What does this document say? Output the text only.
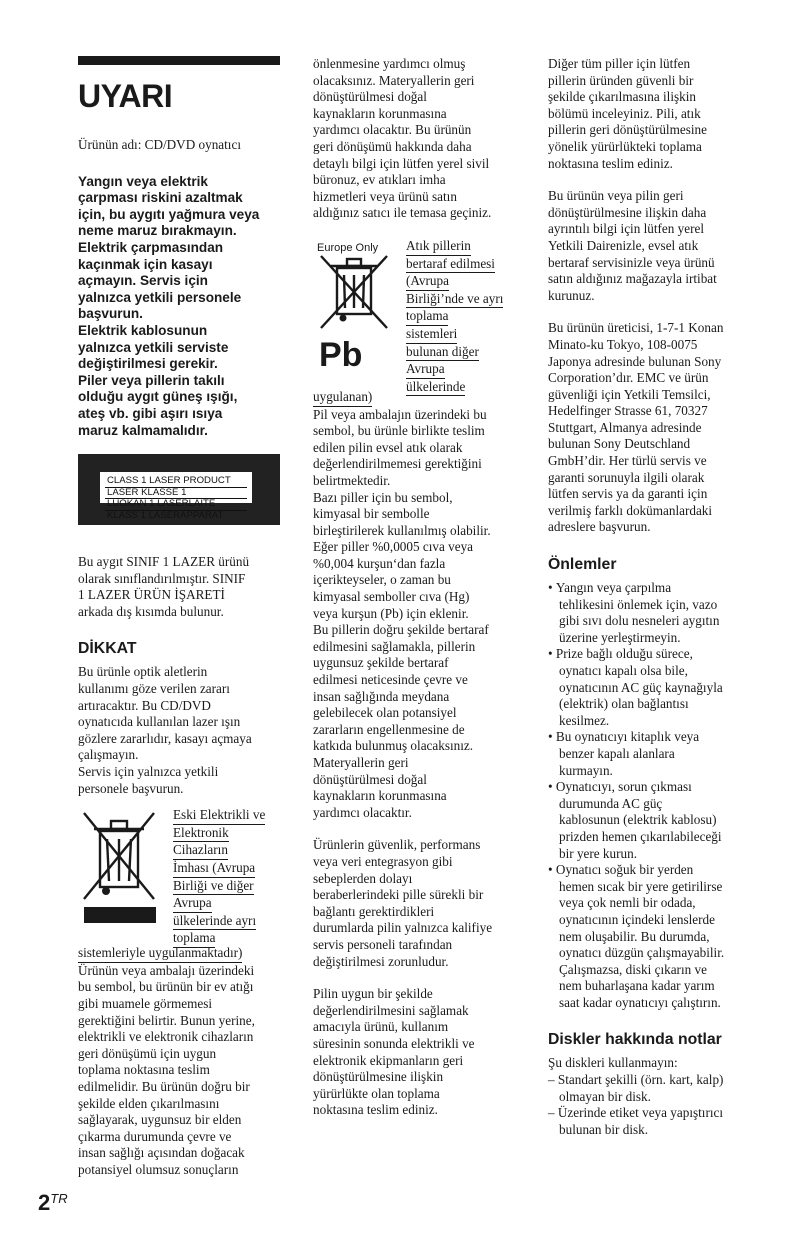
UYARI

Ürünün adı: CD/DVD oynatıcı

Yangın veya elektrik
çarpması riskini azaltmak
için, bu aygıtı yağmura veya
neme maruz bırakmayın.
Elektrik çarpmasından
kaçınmak için kasayı
açmayın. Servis için
yalnızca yetkili personele
başvurun.
Elektrik kablosunun
yalnızca yetkili serviste
değiştirilmesi gerekir.
Piler veya pillerin takılı
olduğu aygıt güneş ışığı,
ateş vb. gibi aşırı ısıya
maruz kalmamalıdır.
CLASS 1 LASER PRODUCT
LASER KLASSE 1
LUOKAN 1 LASERLAITE
KLASS 1 LASERAPPARAT
Bu aygıt SINIF 1 LAZER ürünü
olarak sınıflandırılmıştır. SINIF
1 LAZER ÜRÜN İŞARETİ
arkada dış kısımda bulunur.
DİKKAT
Bu ürünle optik aletlerin
kullanımı göze verilen zararı
artıracaktır. Bu CD/DVD
oynatıcıda kullanılan lazer ışın
gözlere zararlıdır, kasayı açmaya
çalışmayın.
Servis için yalnızca yetkili
personele başvurun.
Eski Elektrikli ve
Elektronik
Cihazların
İmhası (Avrupa
Birliği ve diğer
Avrupa
ülkelerinde ayrı
toplama
sistemleriyle uygulanmaktadır)
Ürünün veya ambalajı üzerindeki
bu sembol, bu ürünün bir ev atığı
gibi muamele görmemesi
gerektiğini belirtir. Bunun yerine,
elektrikli ve elektronik cihazların
geri dönüşümü için uygun
toplama noktasına teslim
edilmelidir. Bu ürünün doğru bir
şekilde elden çıkarılmasını
sağlayarak, uygunsuz bir elden
çıkarma durumunda çevre ve
insan sağlığı açısından doğacak
potansiyel olumsuz sonuçların
önlenmesine yardımcı olmuş
olacaksınız. Materyallerin geri
dönüştürülmesi doğal
kaynakların korunmasına
yardımcı olacaktır. Bu ürünün
geri dönüşümü hakkında daha
detaylı bilgi için lütfen yerel sivil
büronuz, ev atıkları imha
hizmetleri veya ürünü satın
aldığınız satıcı ile temasa geçiniz.
Europe Only
Pb
Atık pillerin
bertaraf edilmesi
(Avrupa
Birliği’nde ve ayrı
toplama
sistemleri
bulunan diğer
Avrupa
ülkelerinde
uygulanan)
Pil veya ambalajın üzerindeki bu
sembol, bu ürünle birlikte teslim
edilen pilin evsel atık olarak
değerlendirilmemesi gerektiğini
belirtmektedir.
Bazı piller için bu sembol,
kimyasal bir sembolle
birleştirilerek kullanılmış olabilir.
Eğer piller %0,0005 cıva veya
%0,004 kurşun‘dan fazla
içerikteyseler, o zaman bu
kimyasal semboller cıva (Hg)
veya kurşun (Pb) için eklenir.
Bu pillerin doğru şekilde bertaraf
edilmesini sağlamakla, pillerin
uygunsuz şekilde bertaraf
edilmesi neticesinde çevre ve
insan sağlığında meydana
gelebilecek olan potansiyel
zararların engellenmesine de
katkıda bulunmuş olacaksınız.
Materyallerin geri
dönüştürülmesi doğal
kaynakların korunmasına
yardımcı olacaktır.
Ürünlerin güvenlik, performans
veya veri entegrasyon gibi
sebeplerden dolayı
beraberlerindeki pille sürekli bir
bağlantı gerektirdikleri
durumlarda pilin yalnızca kalifiye
servis personeli tarafından
değiştirilmesi zorunludur.
Pilin uygun bir şekilde
değerlendirilmesini sağlamak
amacıyla ürünü, kullanım
süresinin sonunda elektrikli ve
elektronik ekipmanların geri
dönüştürülmesine ilişkin
yürürlükte olan toplama
noktasına teslim ediniz.
Diğer tüm piller için lütfen
pillerin üründen güvenli bir
şekilde çıkarılmasına ilişkin
bölümü inceleyiniz. Pili, atık
pillerin geri dönüştürülmesine
yönelik yürürlükteki toplama
noktasına teslim ediniz.
Bu ürünün veya pilin geri
dönüştürülmesine ilişkin daha
ayrıntılı bilgi için lütfen yerel
Yetkili Dairenizle, evsel atık
bertaraf servisinizle veya ürünü
satın aldığınız mağazayla irtibat
kurunuz.
Bu ürünün üreticisi, 1-7-1 Konan
Minato-ku Tokyo, 108-0075
Japonya adresinde bulunan Sony
Corporation’dır. EMC ve ürün
güvenliği için Yetkili Temsilci,
Hedelfinger Strasse 61, 70327
Stuttgart, Almanya adresinde
bulunan Sony Deutschland
GmbH’dir. Her türlü servis ve
garanti sorunuyla ilgili olarak
lütfen servis ya da garanti için
verilmiş farklı dokümanlardaki
adreslere başvurun.
Önlemler
• Yangın veya çarpılma
tehlikesini önlemek için, vazo
gibi sıvı dolu nesneleri aygıtın
üzerine yerleştirmeyin.
• Prize bağlı olduğu sürece,
oynatıcı kapalı olsa bile,
oynatıcının AC güç kaynağıyla
(elektrik) olan bağlantısı
kesilmez.
• Bu oynatıcıyı kitaplık veya
benzer kapalı alanlara
kurmayın.
• Oynatıcıyı, sorun çıkması
durumunda AC güç
kablosunun (elektrik kablosu)
prizden hemen çıkarılabileceği
bir yere kurun.
• Oynatıcı soğuk bir yerden
hemen sıcak bir yere getirilirse
veya çok nemli bir odada,
oynatıcının içindeki lenslerde
nem oluşabilir. Bu durumda,
oynatıcı düzgün çalışmayabilir.
Çalışmazsa, diski çıkarın ve
nem buharlaşana kadar yarım
saat kadar oynatıcıyı çalıştırın.
Diskler hakkında notlar
Şu diskleri kullanmayın:
– Standart şekilli (örn. kart, kalp)
olmayan bir disk.
– Üzerinde etiket veya yapıştırıcı
bulunan bir disk.
$2^{TR}$
